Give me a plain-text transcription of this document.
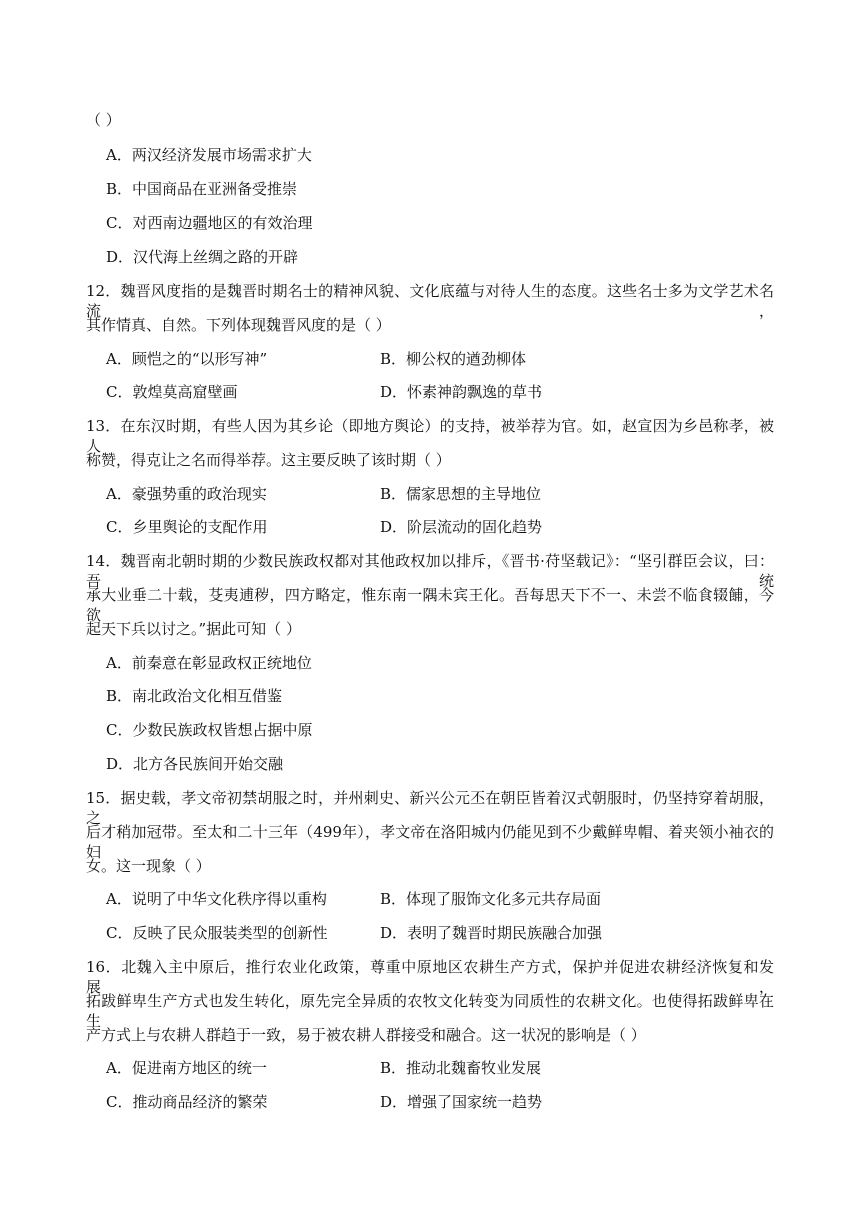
（ ）
A．两汉经济发展市场需求扩大
B．中国商品在亚洲备受推崇
C．对西南边疆地区的有效治理
D．汉代海上丝绸之路的开辟
12．魏晋风度指的是魏晋时期名士的精神风貌、文化底蕴与对待人生的态度。这些名士多为文学艺术名流，
其作情真、自然。下列体现魏晋风度的是（ ）
A．顾恺之的“以形写神”	B．柳公权的遒劲柳体
C．敦煌莫高窟壁画	D．怀素神韵飘逸的草书
13．在东汉时期，有些人因为其乡论（即地方舆论）的支持，被举荐为官。如，赵宣因为乡邑称孝，被人
称赞，得克让之名而得举荐。这主要反映了该时期（ ）
A．豪强势重的政治现实	B．儒家思想的主导地位
C．乡里舆论的支配作用	D．阶层流动的固化趋势
14．魏晋南北朝时期的少数民族政权都对其他政权加以排斥，《晋书·苻坚载记》：“坚引群臣会议，曰：吾统
承大业垂二十载，芟夷逋秽，四方略定，惟东南一隅未宾王化。吾每思天下不一、未尝不临食辍餔，今欲
起天下兵以讨之。”据此可知（ ）
A．前秦意在彰显政权正统地位
B．南北政治文化相互借鉴
C．少数民族政权皆想占据中原
D．北方各民族间开始交融
15．据史载，孝文帝初禁胡服之时，并州刺史、新兴公元丕在朝臣皆着汉式朝服时，仍坚持穿着胡服，之
后才稍加冠带。至太和二十三年（499年），孝文帝在洛阳城内仍能见到不少戴鲜卑帽、着夹领小袖衣的妇
女。这一现象（ ）
A．说明了中华文化秩序得以重构	B．体现了服饰文化多元共存局面
C．反映了民众服装类型的创新性	D．表明了魏晋时期民族融合加强
16．北魏入主中原后，推行农业化政策，尊重中原地区农耕生产方式，保护并促进农耕经济恢复和发展，
拓跋鲜卑生产方式也发生转化，原先完全异质的农牧文化转变为同质性的农耕文化。也使得拓跋鲜卑在生
产方式上与农耕人群趋于一致，易于被农耕人群接受和融合。这一状况的影响是（ ）
A．促进南方地区的统一	B．推动北魏畜牧业发展
C．推动商品经济的繁荣	D．增强了国家统一趋势
